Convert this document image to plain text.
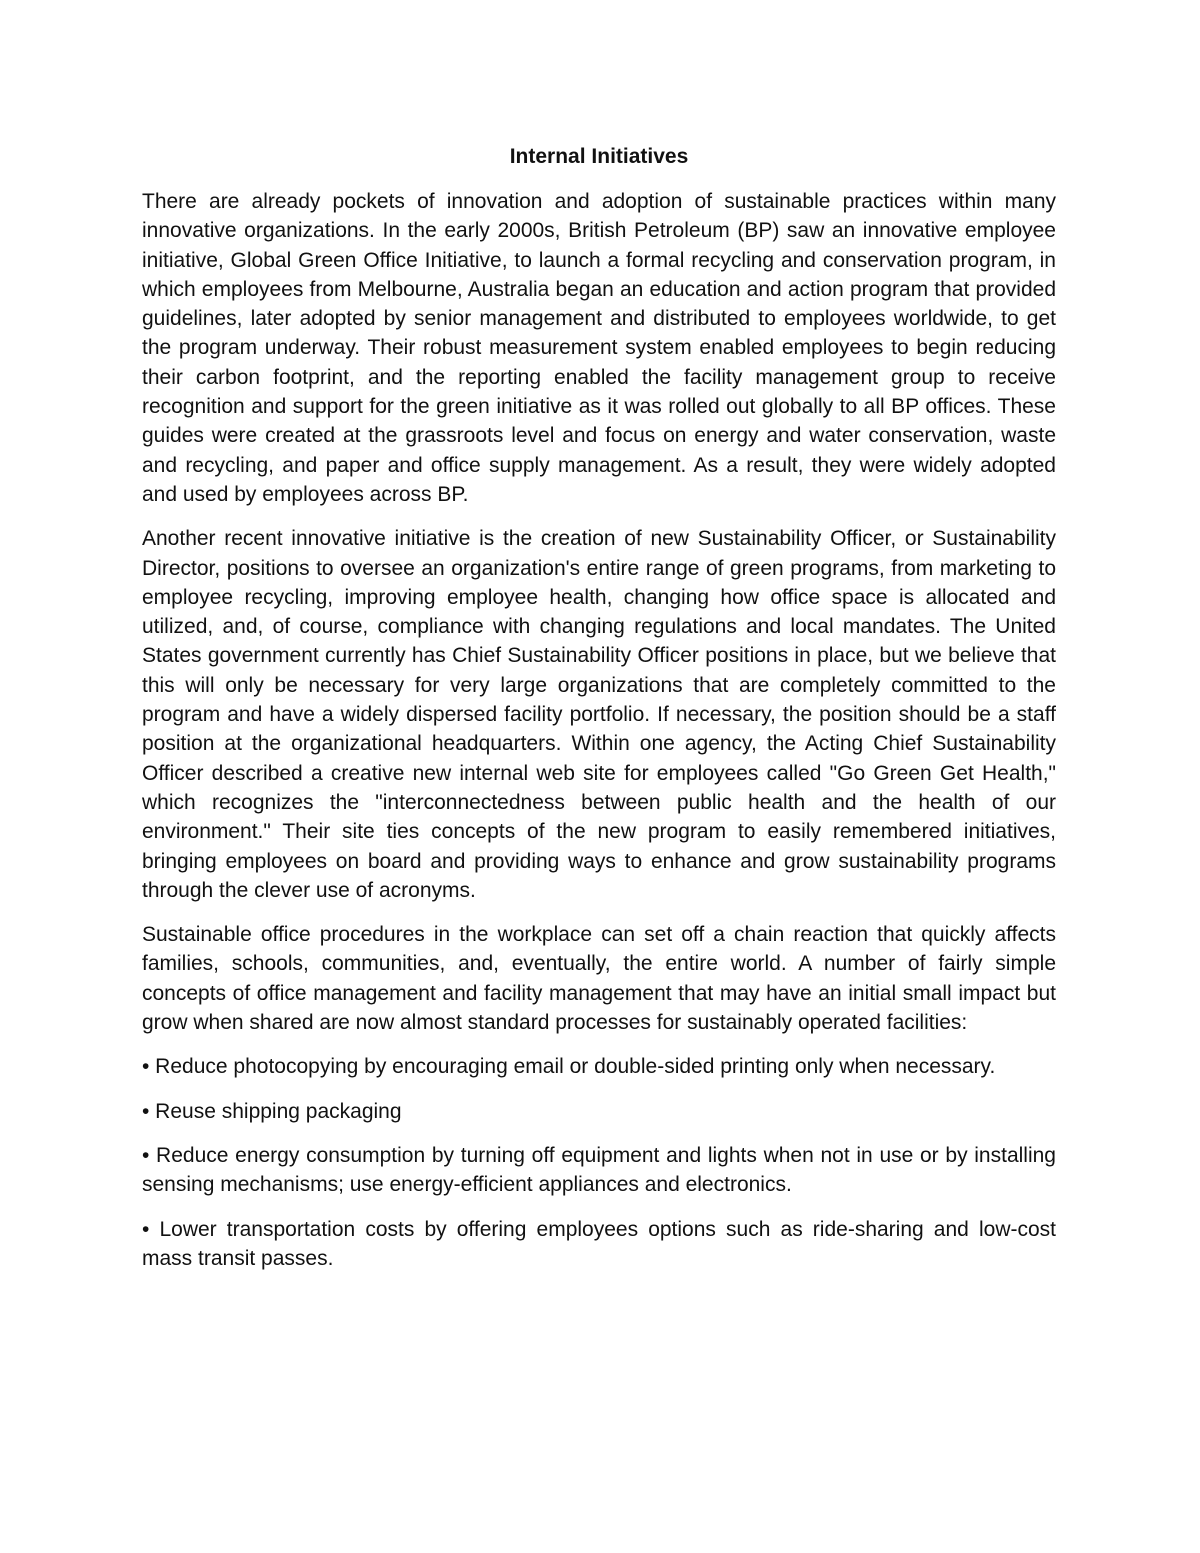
Internal Initiatives

There are already pockets of innovation and adoption of sustainable practices within many innovative organizations. In the early 2000s, British Petroleum (BP) saw an innovative employee initiative, Global Green Office Initiative, to launch a formal recycling and conservation program, in which employees from Melbourne, Australia began an education and action program that provided guidelines, later adopted by senior management and distributed to employees worldwide, to get the program underway. Their robust measurement system enabled employees to begin reducing their carbon footprint, and the reporting enabled the facility management group to receive recognition and support for the green initiative as it was rolled out globally to all BP offices. These guides were created at the grassroots level and focus on energy and water conservation, waste and recycling, and paper and office supply management. As a result, they were widely adopted and used by employees across BP.

Another recent innovative initiative is the creation of new Sustainability Officer, or Sustainability Director, positions to oversee an organization's entire range of green programs, from marketing to employee recycling, improving employee health, changing how office space is allocated and utilized, and, of course, compliance with changing regulations and local mandates. The United States government currently has Chief Sustainability Officer positions in place, but we believe that this will only be necessary for very large organizations that are completely committed to the program and have a widely dispersed facility portfolio. If necessary, the position should be a staff position at the organizational headquarters. Within one agency, the Acting Chief Sustainability Officer described a creative new internal web site for employees called "Go Green Get Health," which recognizes the "interconnectedness between public health and the health of our environment." Their site ties concepts of the new program to easily remembered initiatives, bringing employees on board and providing ways to enhance and grow sustainability programs through the clever use of acronyms.

Sustainable office procedures in the workplace can set off a chain reaction that quickly affects families, schools, communities, and, eventually, the entire world. A number of fairly simple concepts of office management and facility management that may have an initial small impact but grow when shared are now almost standard processes for sustainably operated facilities:

• Reduce photocopying by encouraging email or double-sided printing only when necessary.
• Reuse shipping packaging
• Reduce energy consumption by turning off equipment and lights when not in use or by installing sensing mechanisms; use energy-efficient appliances and electronics.
• Lower transportation costs by offering employees options such as ride-sharing and low-cost mass transit passes.
